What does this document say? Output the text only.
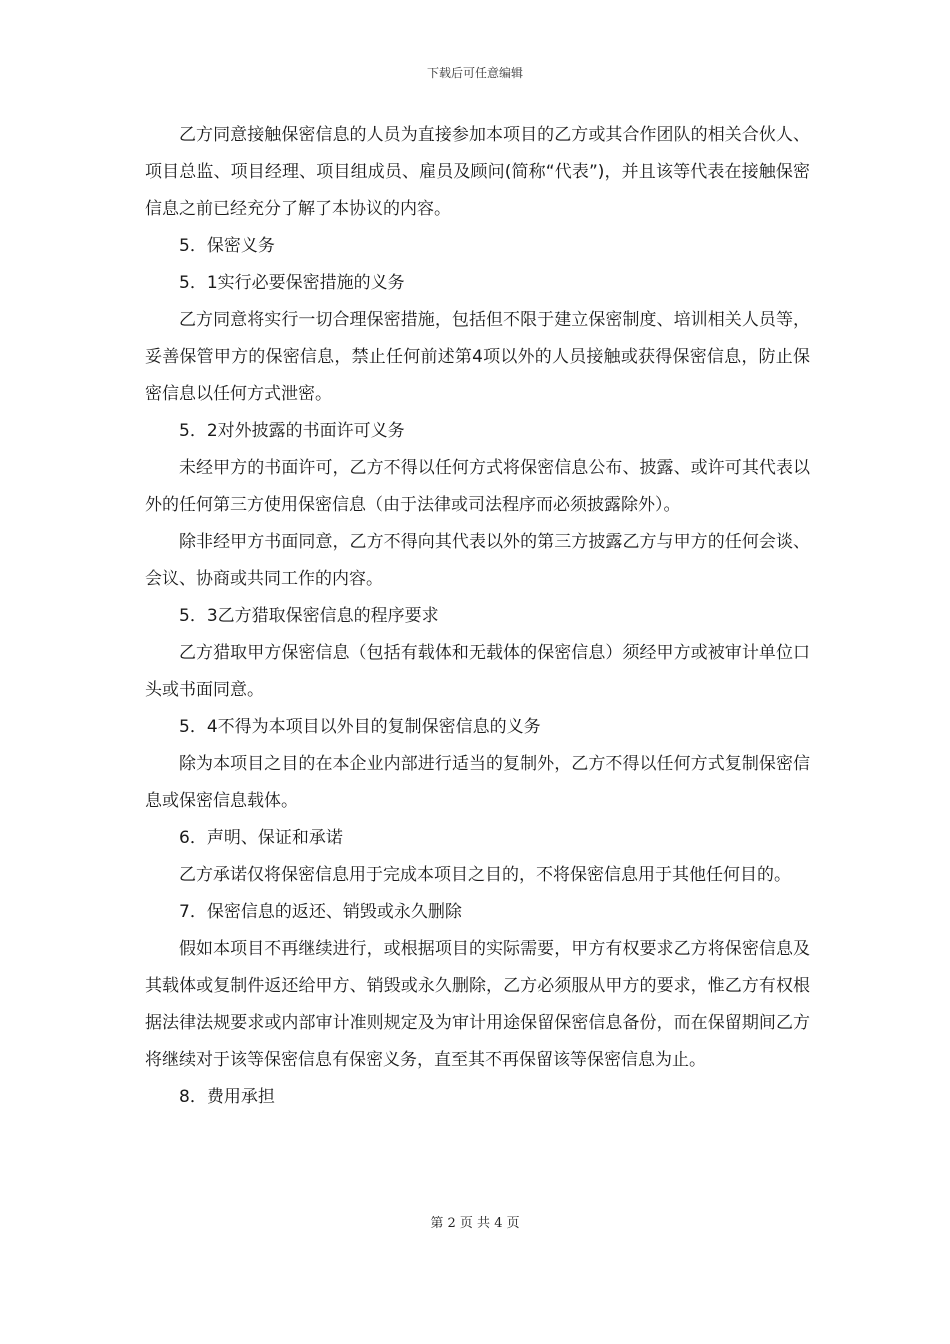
下载后可任意编辑

乙方同意接触保密信息的人员为直接参加本项目的乙方或其合作团队的相关合伙人、项目总监、项目经理、项目组成员、雇员及顾问(简称“代表”)，并且该等代表在接触保密信息之前已经充分了解了本协议的内容。

5．保密义务

5．1实行必要保密措施的义务

乙方同意将实行一切合理保密措施，包括但不限于建立保密制度、培训相关人员等，妥善保管甲方的保密信息，禁止任何前述第4项以外的人员接触或获得保密信息，防止保密信息以任何方式泄密。

5．2对外披露的书面许可义务

未经甲方的书面许可，乙方不得以任何方式将保密信息公布、披露、或许可其代表以外的任何第三方使用保密信息（由于法律或司法程序而必须披露除外）。

除非经甲方书面同意，乙方不得向其代表以外的第三方披露乙方与甲方的任何会谈、会议、协商或共同工作的内容。

5．3乙方猎取保密信息的程序要求

乙方猎取甲方保密信息（包括有载体和无载体的保密信息）须经甲方或被审计单位口头或书面同意。

5．4不得为本项目以外目的复制保密信息的义务

除为本项目之目的在本企业内部进行适当的复制外，乙方不得以任何方式复制保密信息或保密信息载体。

6．声明、保证和承诺

乙方承诺仅将保密信息用于完成本项目之目的，不将保密信息用于其他任何目的。

7．保密信息的返还、销毁或永久删除

假如本项目不再继续进行，或根据项目的实际需要，甲方有权要求乙方将保密信息及其载体或复制件返还给甲方、销毁或永久删除，乙方必须服从甲方的要求，惟乙方有权根据法律法规要求或内部审计准则规定及为审计用途保留保密信息备份，而在保留期间乙方将继续对于该等保密信息有保密义务，直至其不再保留该等保密信息为止。

8．费用承担

第 2 页 共 4 页
